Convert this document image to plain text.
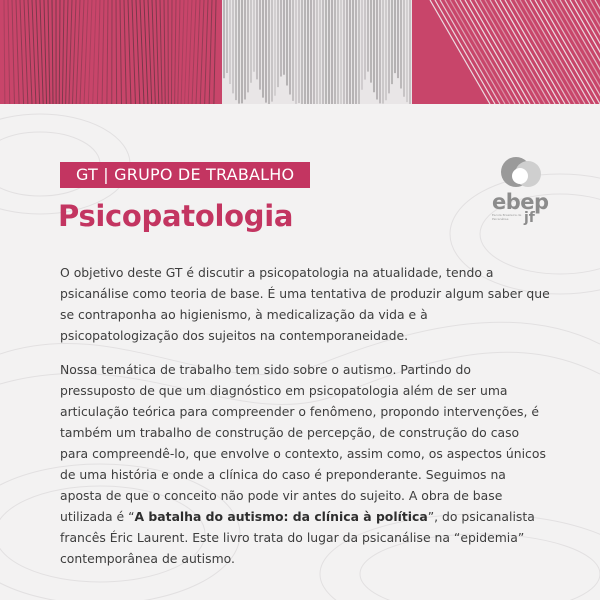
GT | GRUPO DE TRABALHO
Psicopatologia	ebep
Escola Brasileira de Psicanálise	jf

O objetivo deste GT é discutir a psicopatologia na atualidade, tendo a psicanálise como teoria de base. É uma tentativa de produzir algum saber que se contraponha ao higienismo, à medicalização da vida e à psicopatologização dos sujeitos na contemporaneidade.

Nossa temática de trabalho tem sido sobre o autismo. Partindo do pressuposto de que um diagnóstico em psicopatologia além de ser uma articulação teórica para compreender o fenômeno, propondo intervenções, é também um trabalho de construção de percepção, de construção do caso para compreendê-lo, que envolve o contexto, assim como, os aspectos únicos de uma história e onde a clínica do caso é preponderante. Seguimos na aposta de que o conceito não pode vir antes do sujeito. A obra de base utilizada é “A batalha do autismo: da clínica à política”, do psicanalista francês Éric Laurent. Este livro trata do lugar da psicanálise na “epidemia” contemporânea de autismo.
